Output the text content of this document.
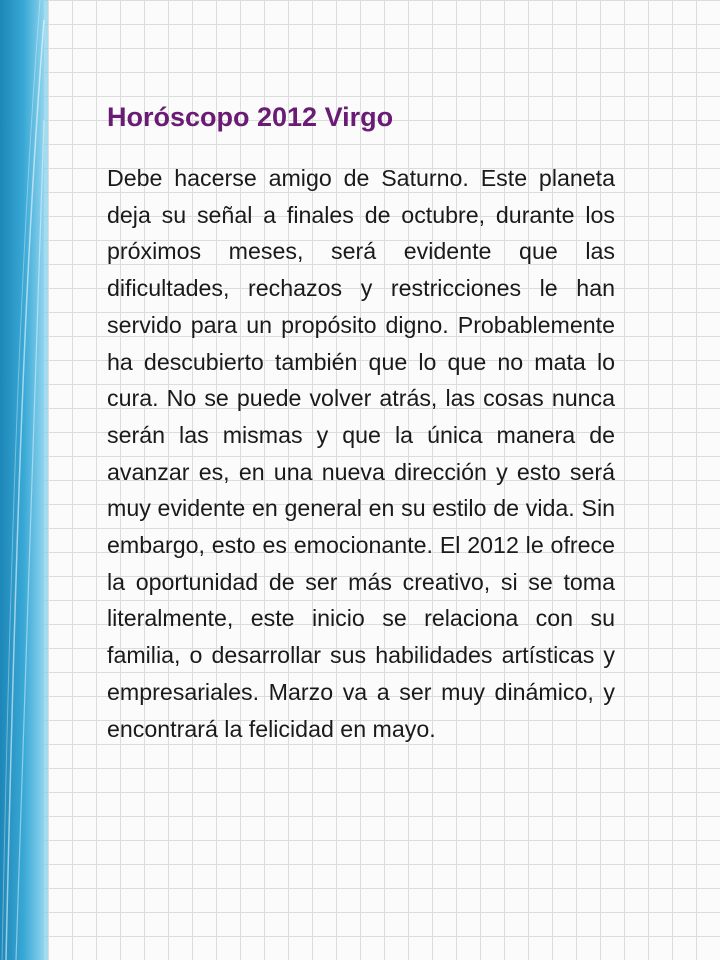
Horóscopo 2012 Virgo

Debe hacerse amigo de Saturno. Este planeta deja su señal a finales de octubre, durante los próximos meses, será evidente que las dificultades, rechazos y restricciones le han servido para un propósito digno. Probablemente ha descubierto también que lo que no mata lo cura. No se puede volver atrás, las cosas nunca serán las mismas y que la única manera de avanzar es, en una nueva dirección y esto será muy evidente en general en su estilo de vida. Sin embargo, esto es emocionante. El 2012 le ofrece la oportunidad de ser más creativo, si se toma literalmente, este inicio se relaciona con su familia, o desarrollar sus habilidades artísticas y empresariales. Marzo va a ser muy dinámico, y encontrará la felicidad en mayo.
